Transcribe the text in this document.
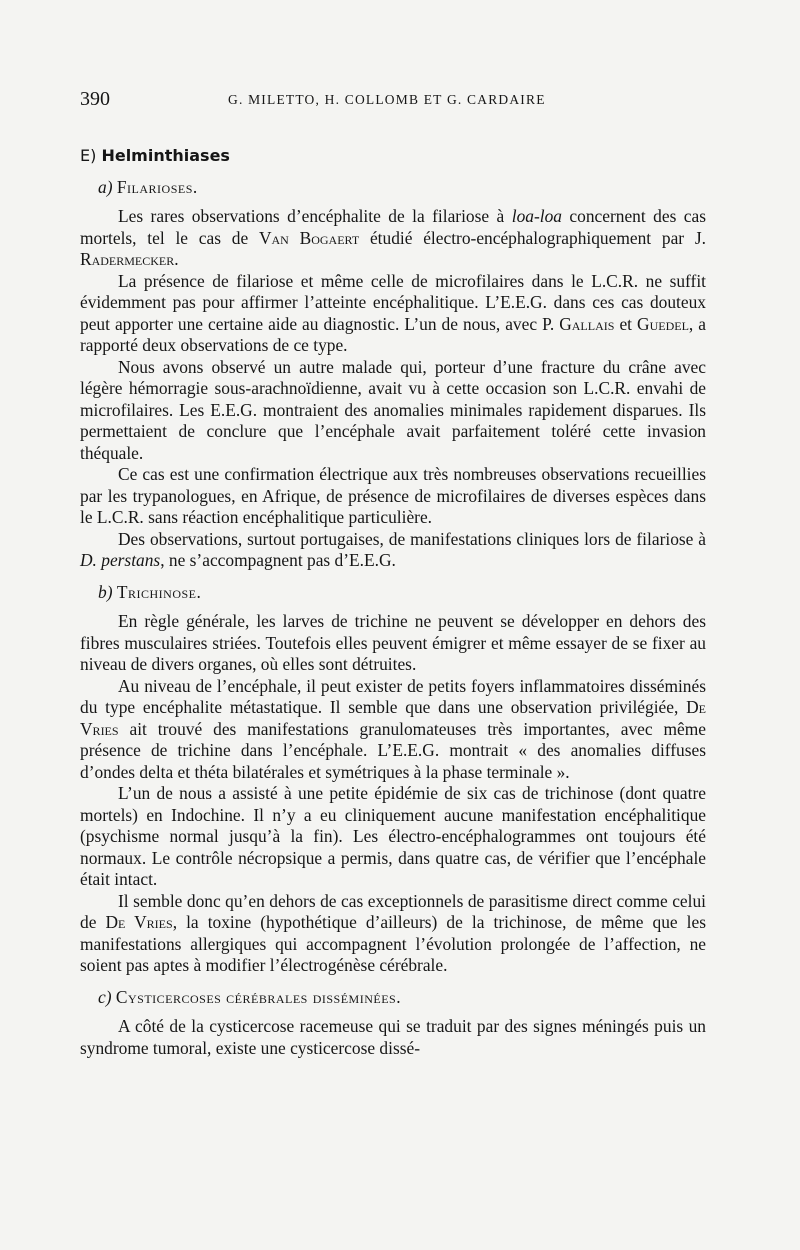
390	G. MILETTO, H. COLLOMB ET G. CARDAIRE
E) Helminthiases
a) Filarioses.

Les rares observations d’encéphalite de la filariose à loa-loa concernent des cas mortels, tel le cas de Van Bogaert étudié électro-encéphalographiquement par J. Radermecker.

La présence de filariose et même celle de microfilaires dans le L.C.R. ne suffit évidemment pas pour affirmer l’atteinte encéphalitique. L’E.E.G. dans ces cas douteux peut apporter une certaine aide au diagnostic. L’un de nous, avec P. Gallais et Guedel, a rapporté deux observations de ce type.

Nous avons observé un autre malade qui, porteur d’une fracture du crâne avec légère hémorragie sous-arachnoïdienne, avait vu à cette occasion son L.C.R. envahi de microfilaires. Les E.E.G. montraient des anomalies minimales rapidement disparues. Ils permettaient de conclure que l’encéphale avait parfaitement toléré cette invasion théquale.

Ce cas est une confirmation électrique aux très nombreuses observations recueillies par les trypanologues, en Afrique, de présence de microfilaires de diverses espèces dans le L.C.R. sans réaction encéphalitique particulière.

Des observations, surtout portugaises, de manifestations cliniques lors de filariose à D. perstans, ne s’accompagnent pas d’E.E.G.

b) Trichinose.

En règle générale, les larves de trichine ne peuvent se développer en dehors des fibres musculaires striées. Toutefois elles peuvent émigrer et même essayer de se fixer au niveau de divers organes, où elles sont détruites.

Au niveau de l’encéphale, il peut exister de petits foyers inflammatoires disséminés du type encéphalite métastatique. Il semble que dans une observation privilégiée, De Vries ait trouvé des manifestations granulomateuses très importantes, avec même présence de trichine dans l’encéphale. L’E.E.G. montrait « des anomalies diffuses d’ondes delta et théta bilatérales et symétriques à la phase terminale ».

L’un de nous a assisté à une petite épidémie de six cas de trichinose (dont quatre mortels) en Indochine. Il n’y a eu cliniquement aucune manifestation encéphalitique (psychisme normal jusqu’à la fin). Les électro-encéphalogrammes ont toujours été normaux. Le contrôle nécropsique a permis, dans quatre cas, de vérifier que l’encéphale était intact.

Il semble donc qu’en dehors de cas exceptionnels de parasitisme direct comme celui de De Vries, la toxine (hypothétique d’ailleurs) de la trichinose, de même que les manifestations allergiques qui accompagnent l’évolution prolongée de l’affection, ne soient pas aptes à modifier l’électrogénèse cérébrale.

c) Cysticercoses cérébrales disséminées.

A côté de la cysticercose racemeuse qui se traduit par des signes méningés puis un syndrome tumoral, existe une cysticercose dissé-
